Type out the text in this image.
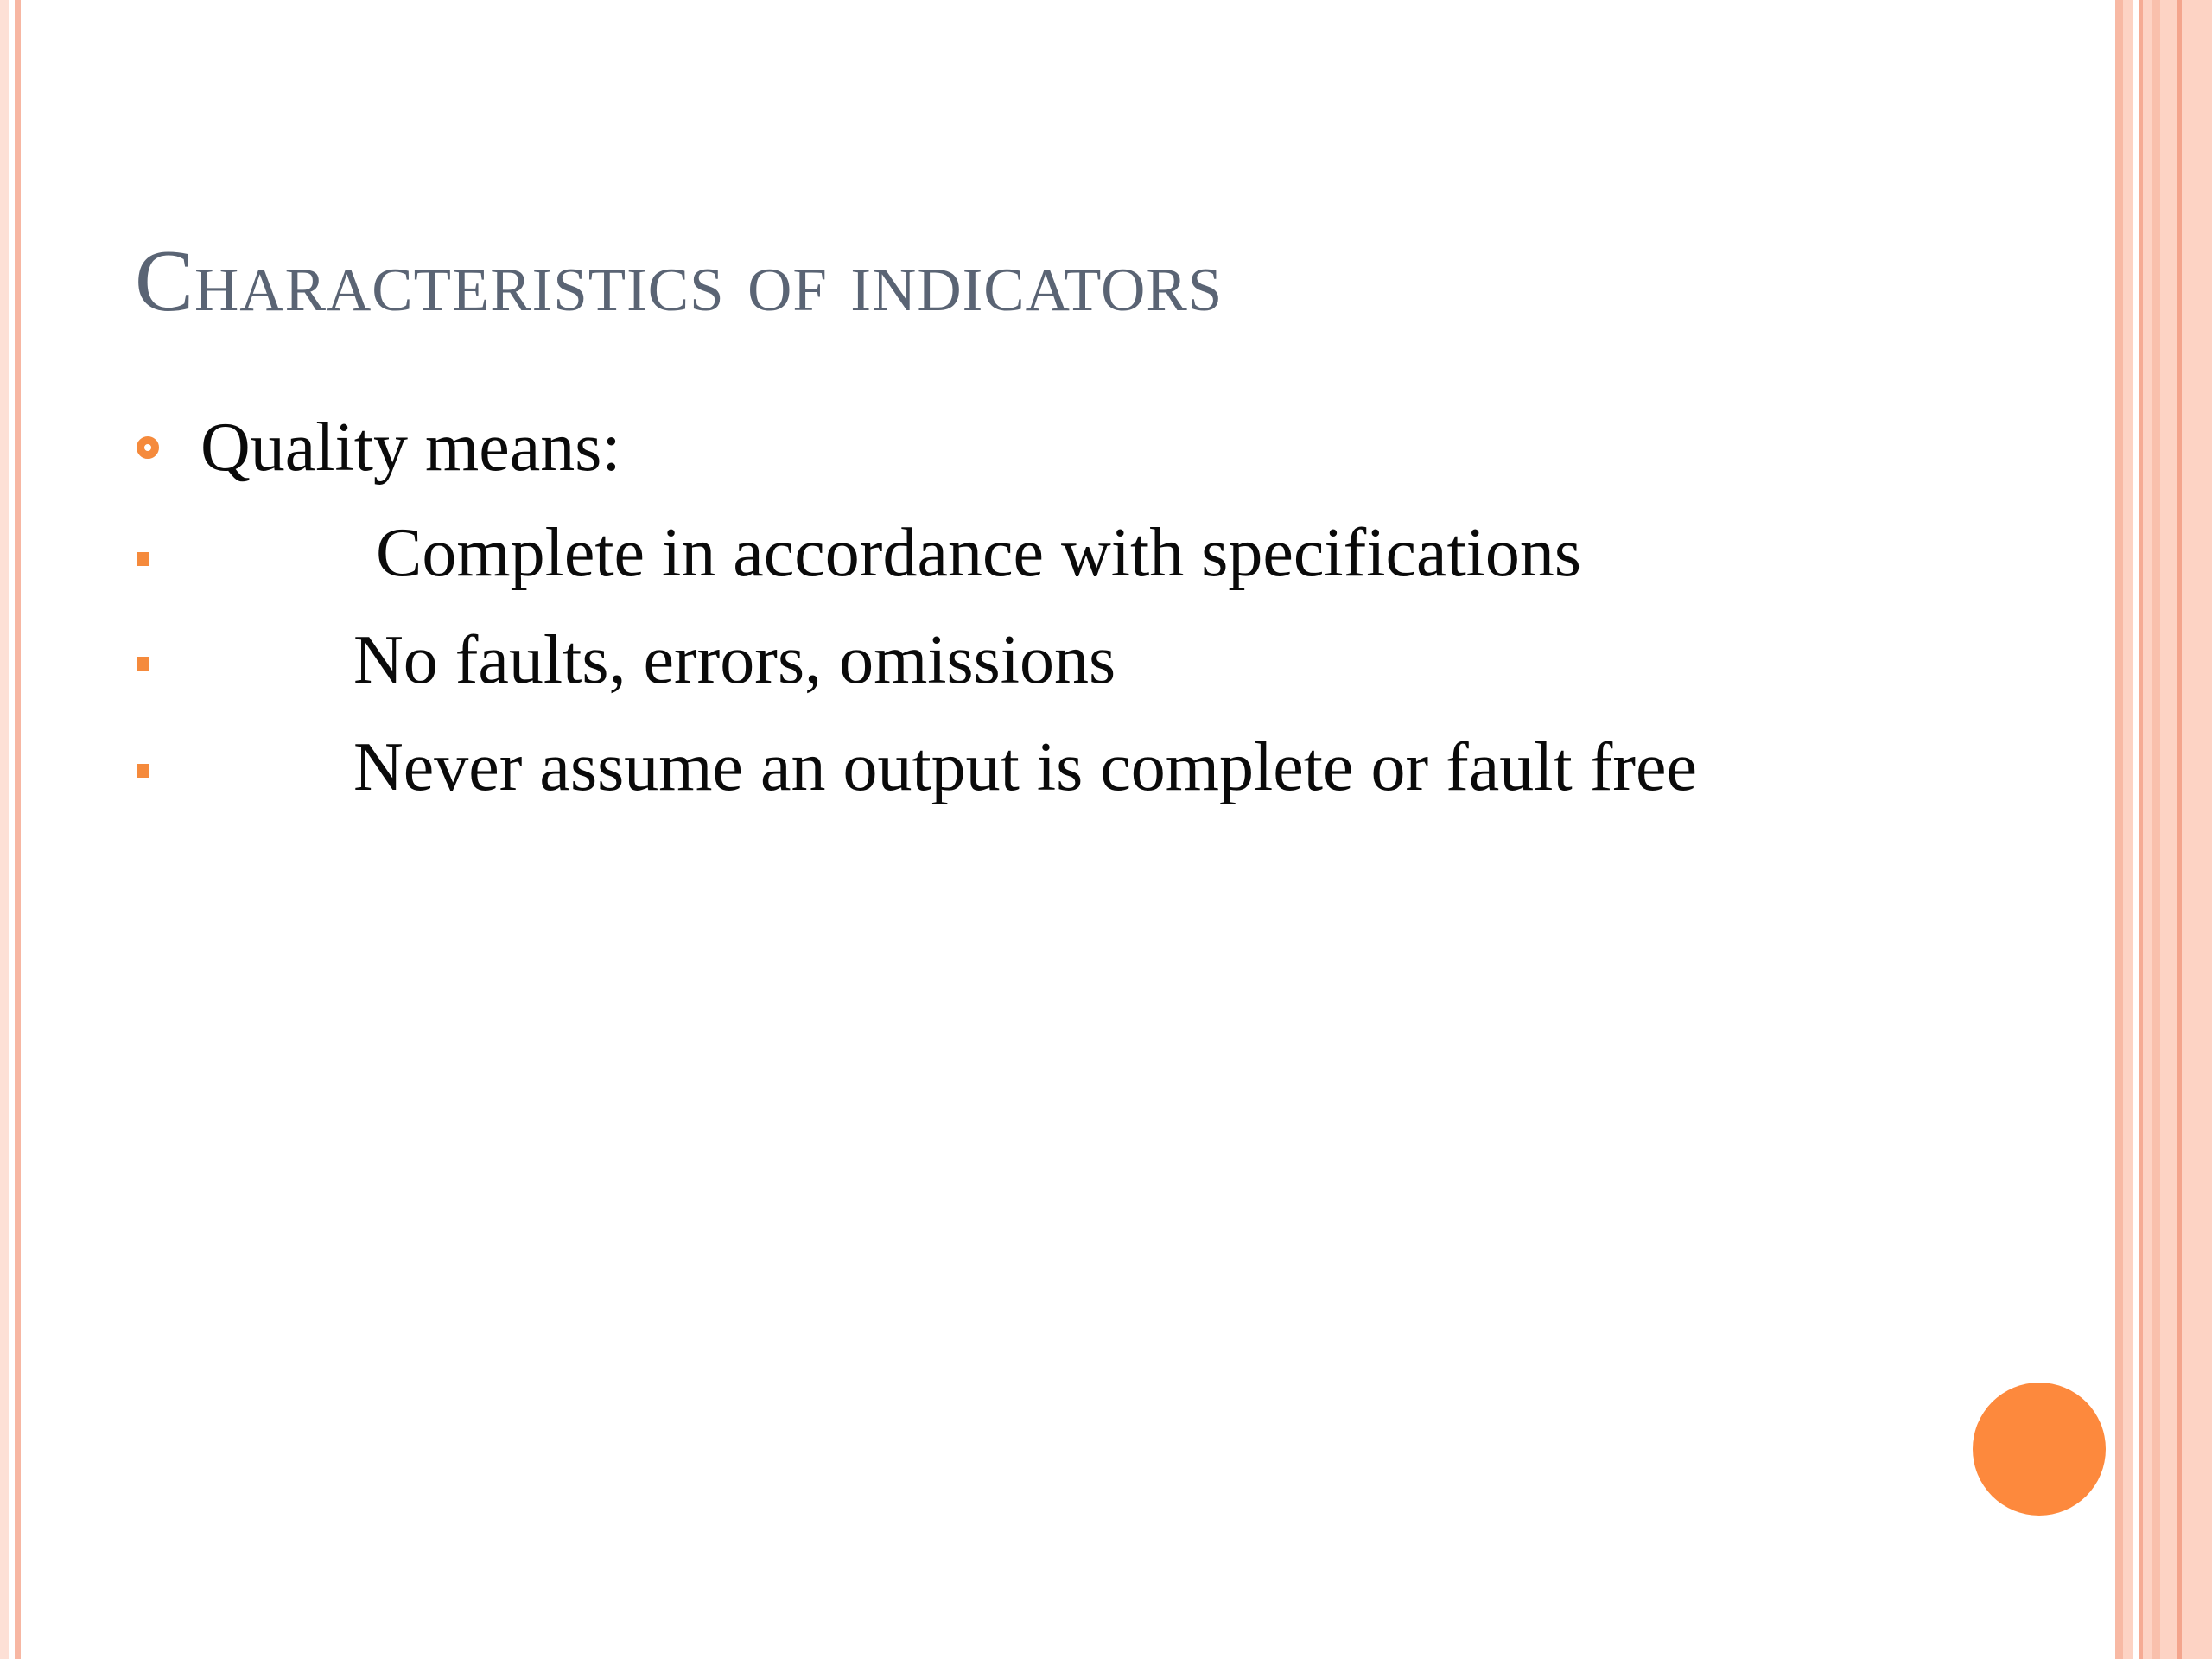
Characteristics of indicators
Quality means:
Complete in accordance with specifications
No faults, errors, omissions
Never assume an output is complete or fault free
